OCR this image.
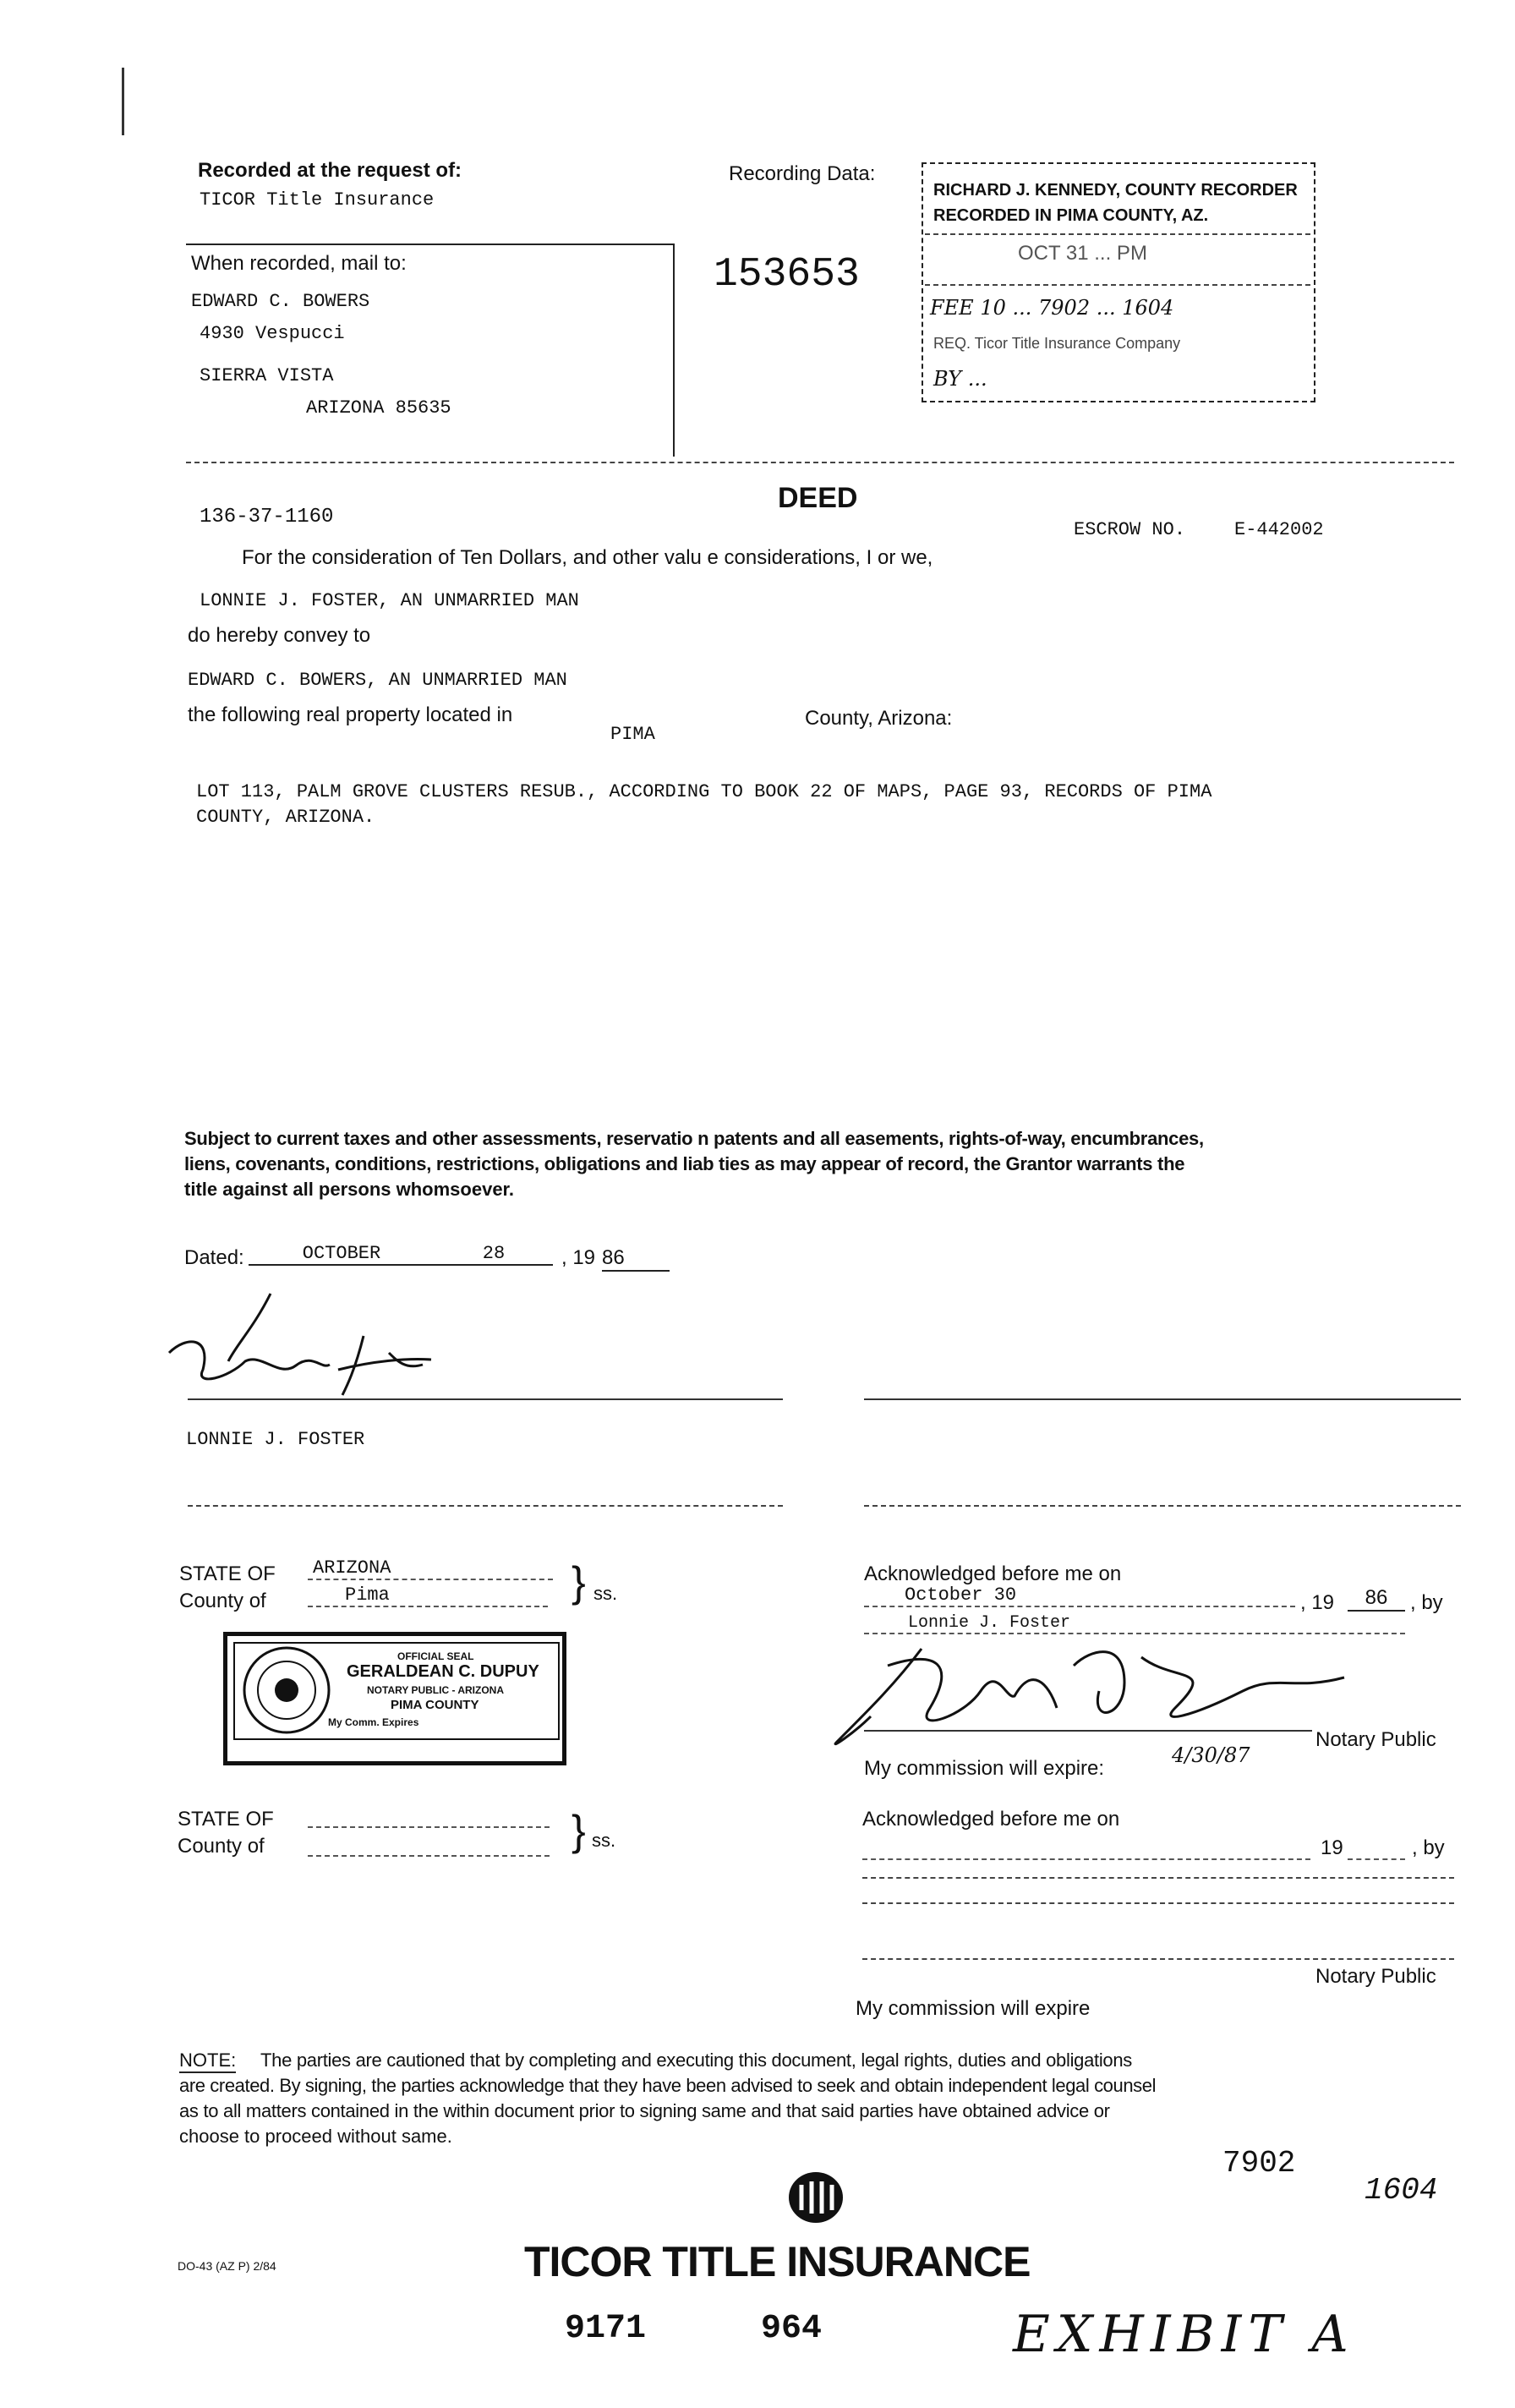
Recorded at the request of:
TICOR Title Insurance
Recording Data:
When recorded, mail to:
EDWARD C. BOWERS
4930 Vespucci
SIERRA VISTA
ARIZONA 85635
153653
RICHARD J. KENNEDY, COUNTY RECORDER
RECORDED IN PIMA COUNTY, AZ.
OCT 31 ... PM
FEE 10 ... 7902 ... 1604
REQ. Ticor Title Insurance Company
BY ...
DEED
136-37-1160
ESCROW NO.	E-442002
For the consideration of Ten Dollars, and other valu e considerations, I or we,
LONNIE J. FOSTER, AN UNMARRIED MAN
do hereby convey to
EDWARD C. BOWERS, AN UNMARRIED MAN
the following real property located in
PIMA
County, Arizona:
LOT 113, PALM GROVE CLUSTERS RESUB., ACCORDING TO BOOK 22 OF MAPS, PAGE 93, RECORDS OF PIMA
COUNTY, ARIZONA.
Subject to current taxes and other assessments, reservatio n patents and all easements, rights-of-way, encumbrances,
liens, covenants, conditions, restrictions, obligations and liab ties as may appear of record, the Grantor warrants the
title against all persons whomsoever.
Dated:	OCTOBER	28	, 19 86
LONNIE J. FOSTER
STATE OF ARIZONA
County of	Pima	} ss.
Acknowledged before me on
October 30	, 19	86	, by
Lonnie J. Foster
OFFICIAL SEAL
GERALDEAN C. DUPUY
NOTARY PUBLIC - ARIZONA
PIMA COUNTY
My Comm. Expires
Notary Public
My commission will expire:
4/30/87
STATE OF
County of	} ss.
Acknowledged before me on
19	, by
Notary Public
My commission will expire
NOTE: The parties are cautioned that by completing and executing this document, legal rights, duties and obligations
are created. By signing, the parties acknowledge that they have been advised to seek and obtain independent legal counsel
as to all matters contained in the within document prior to signing same and that said parties have obtained advice or
choose to proceed without same.
7902
1604
DO-43 (AZ P) 2/84	TICOR TITLE INSURANCE
9171	964	EXHIBIT A
